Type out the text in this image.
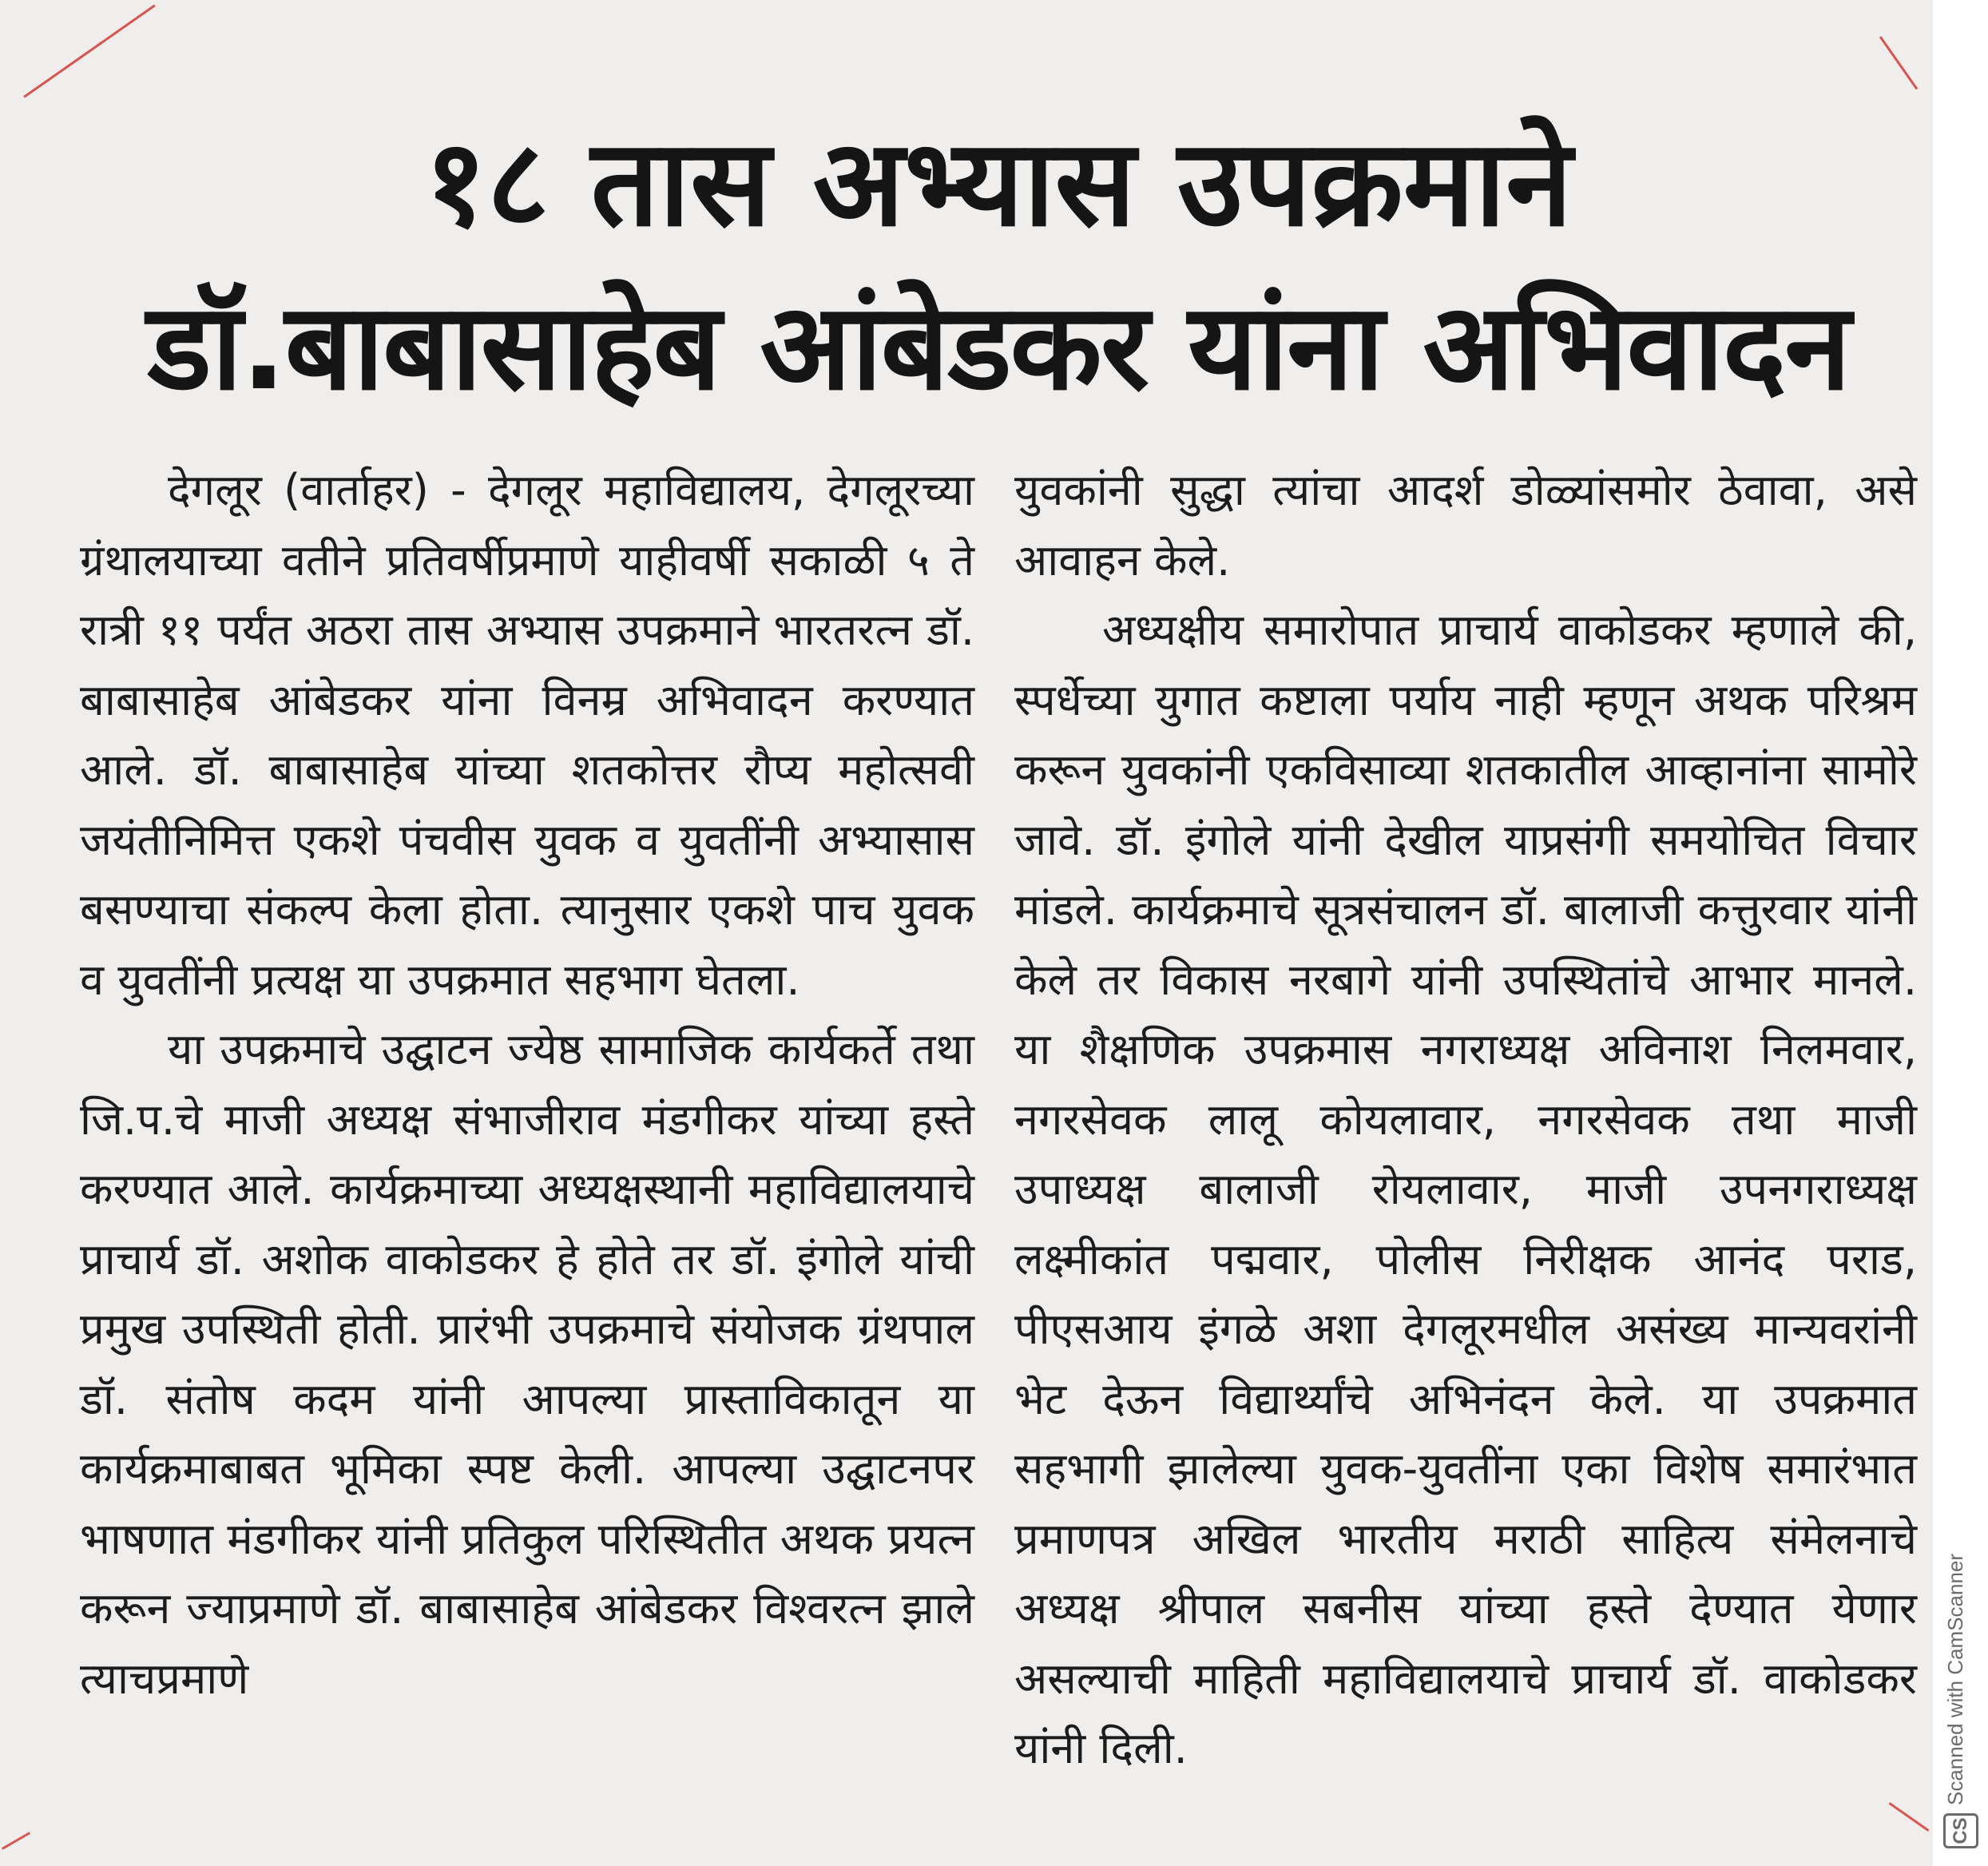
१८ तास अभ्यास उपक्रमाने
डॉ.बाबासाहेब आंबेडकर यांना अभिवादन

देगलूर (वार्ताहर) - देगलूर महाविद्यालय, देगलूरच्या ग्रंथालयाच्या वतीने प्रतिवर्षीप्रमाणे याहीवर्षी सकाळी ५ ते रात्री ११ पर्यंत अठरा तास अभ्यास उपक्रमाने भारतरत्न डॉ. बाबासाहेब आंबेडकर यांना विनम्र अभिवादन करण्यात आले. डॉ. बाबासाहेब यांच्या शतकोत्तर रौप्य महोत्सवी जयंतीनिमित्त एकशे पंचवीस युवक व युवतींनी अभ्यासास बसण्याचा संकल्प केला होता. त्यानुसार एकशे पाच युवक व युवतींनी प्रत्यक्ष या उपक्रमात सहभाग घेतला.

या उपक्रमाचे उद्घाटन ज्येष्ठ सामाजिक कार्यकर्ते तथा जि.प.चे माजी अध्यक्ष संभाजीराव मंडगीकर यांच्या हस्ते करण्यात आले. कार्यक्रमाच्या अध्यक्षस्थानी महाविद्यालयाचे प्राचार्य डॉ. अशोक वाकोडकर हे होते तर डॉ. इंगोले यांची प्रमुख उपस्थिती होती. प्रारंभी उपक्रमाचे संयोजक ग्रंथपाल डॉ. संतोष कदम यांनी आपल्या प्रास्ताविकातून या कार्यक्रमाबाबत भूमिका स्पष्ट केली. आपल्या उद्घाटनपर भाषणात मंडगीकर यांनी प्रतिकुल परिस्थितीत अथक प्रयत्न करून ज्याप्रमाणे डॉ. बाबासाहेब आंबेडकर विश्वरत्न झाले त्याचप्रमाणे

युवकांनी सुद्धा त्यांचा आदर्श डोळ्यांसमोर ठेवावा, असे आवाहन केले.

अध्यक्षीय समारोपात प्राचार्य वाकोडकर म्हणाले की, स्पर्धेच्या युगात कष्टाला पर्याय नाही म्हणून अथक परिश्रम करून युवकांनी एकविसाव्या शतकातील आव्हानांना सामोरे जावे. डॉ. इंगोले यांनी देखील याप्रसंगी समयोचित विचार मांडले. कार्यक्रमाचे सूत्रसंचालन डॉ. बालाजी कत्तुरवार यांनी केले तर विकास नरबागे यांनी उपस्थितांचे आभार मानले. या शैक्षणिक उपक्रमास नगराध्यक्ष अविनाश निलमवार, नगरसेवक लालू कोयलावार, नगरसेवक तथा माजी उपाध्यक्ष बालाजी रोयलावार, माजी उपनगराध्यक्ष लक्ष्मीकांत पद्मवार, पोलीस निरीक्षक आनंद पराड, पीएसआय इंगळे अशा देगलूरमधील असंख्य मान्यवरांनी भेट देऊन विद्यार्थ्यांचे अभिनंदन केले. या उपक्रमात सहभागी झालेल्या युवक-युवतींना एका विशेष समारंभात प्रमाणपत्र अखिल भारतीय मराठी साहित्य संमेलनाचे अध्यक्ष श्रीपाल सबनीस यांच्या हस्ते देण्यात येणार असल्याची माहिती महाविद्यालयाचे प्राचार्य डॉ. वाकोडकर यांनी दिली.	Scanned with CamScanner
CS
